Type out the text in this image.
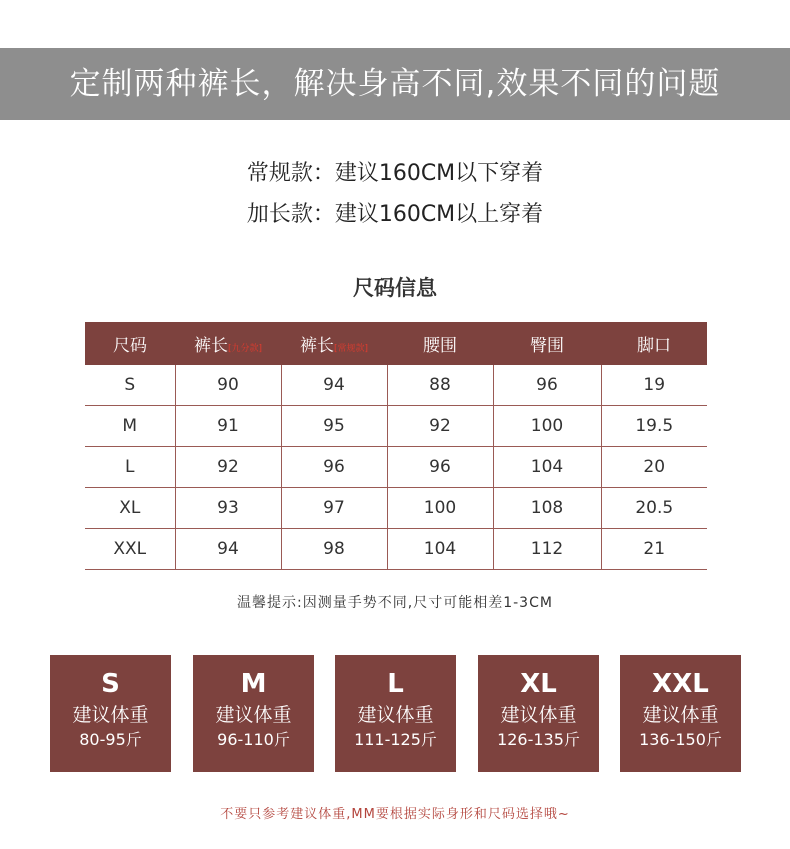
定制两种裤长，解决身高不同,效果不同的问题
常规款：建议160CM以下穿着
加长款：建议160CM以上穿着
尺码信息
尺码	裤长[九分款]	裤长[常规款]	腰围	臀围	脚口
S	90	94	88	96	19
M	91	95	92	100	19.5
L	92	96	96	104	20
XL	93	97	100	108	20.5
XXL	94	98	104	112	21
温馨提示:因测量手势不同,尺寸可能相差1-3CM
S
建议体重
80-95斤
M
建议体重
96-110斤
L
建议体重
111-125斤
XL
建议体重
126-135斤
XXL
建议体重
136-150斤
不要只参考建议体重,MM要根据实际身形和尺码选择哦~
